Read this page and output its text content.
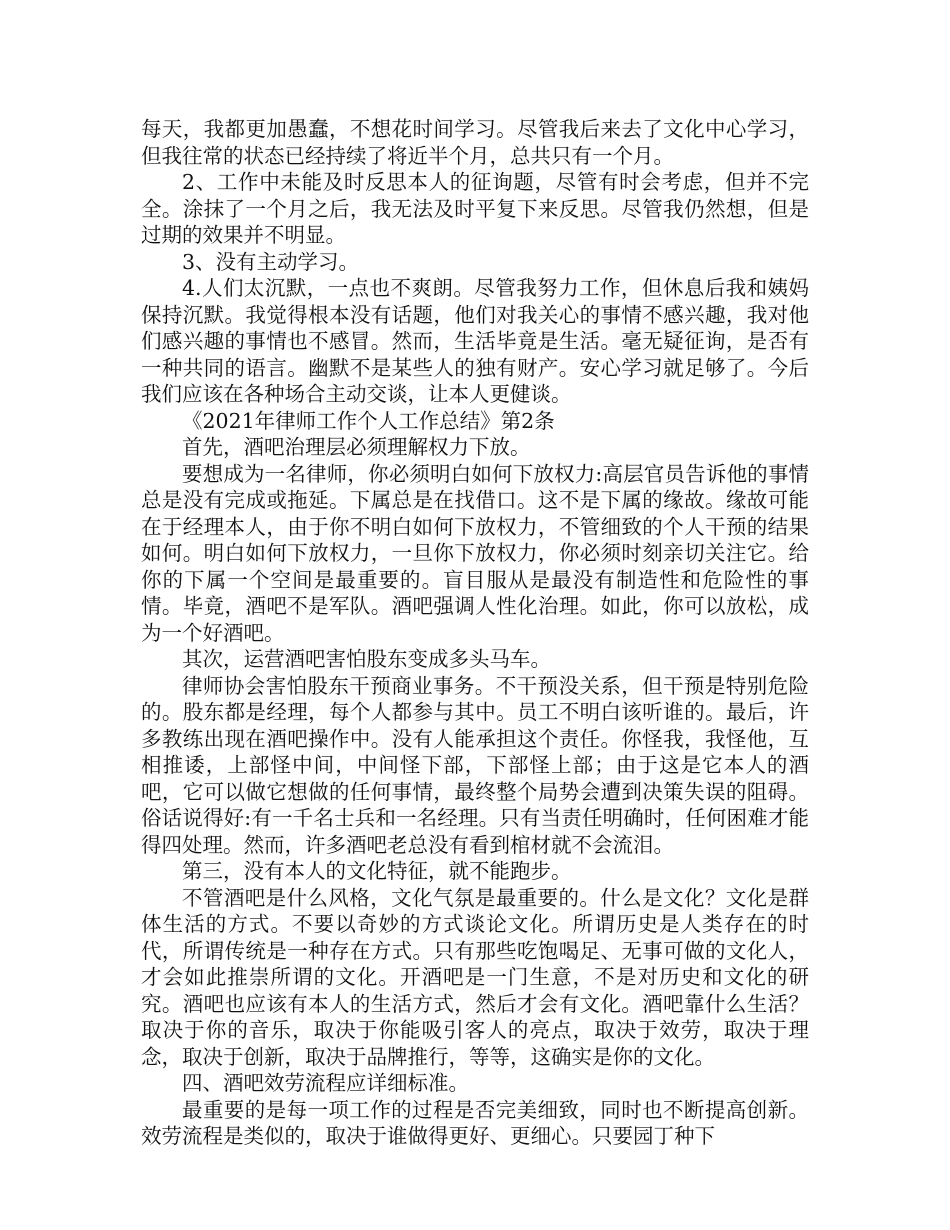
每天，我都更加愚蠢，不想花时间学习。尽管我后来去了文化中心学习，但我往常的状态已经持续了将近半个月，总共只有一个月。

2、工作中未能及时反思本人的征询题，尽管有时会考虑，但并不完全。涂抹了一个月之后，我无法及时平复下来反思。尽管我仍然想，但是过期的效果并不明显。

3、没有主动学习。

4.人们太沉默，一点也不爽朗。尽管我努力工作，但休息后我和姨妈保持沉默。我觉得根本没有话题，他们对我关心的事情不感兴趣，我对他们感兴趣的事情也不感冒。然而，生活毕竟是生活。毫无疑征询，是否有一种共同的语言。幽默不是某些人的独有财产。安心学习就足够了。今后我们应该在各种场合主动交谈，让本人更健谈。

《2021年律师工作个人工作总结》第2条

首先，酒吧治理层必须理解权力下放。

要想成为一名律师，你必须明白如何下放权力:高层官员告诉他的事情总是没有完成或拖延。下属总是在找借口。这不是下属的缘故。缘故可能在于经理本人，由于你不明白如何下放权力，不管细致的个人干预的结果如何。明白如何下放权力，一旦你下放权力，你必须时刻亲切关注它。给你的下属一个空间是最重要的。盲目服从是最没有制造性和危险性的事情。毕竟，酒吧不是军队。酒吧强调人性化治理。如此，你可以放松，成为一个好酒吧。

其次，运营酒吧害怕股东变成多头马车。

律师协会害怕股东干预商业事务。不干预没关系，但干预是特别危险的。股东都是经理，每个人都参与其中。员工不明白该听谁的。最后，许多教练出现在酒吧操作中。没有人能承担这个责任。你怪我，我怪他，互相推诿，上部怪中间，中间怪下部，下部怪上部；由于这是它本人的酒吧，它可以做它想做的任何事情，最终整个局势会遭到决策失误的阻碍。俗话说得好:有一千名士兵和一名经理。只有当责任明确时，任何困难才能得四处理。然而，许多酒吧老总没有看到棺材就不会流泪。

第三，没有本人的文化特征，就不能跑步。

不管酒吧是什么风格，文化气氛是最重要的。什么是文化？文化是群体生活的方式。不要以奇妙的方式谈论文化。所谓历史是人类存在的时代，所谓传统是一种存在方式。只有那些吃饱喝足、无事可做的文化人，才会如此推崇所谓的文化。开酒吧是一门生意，不是对历史和文化的研究。酒吧也应该有本人的生活方式，然后才会有文化。酒吧靠什么生活？取决于你的音乐，取决于你能吸引客人的亮点，取决于效劳，取决于理念，取决于创新，取决于品牌推行，等等，这确实是你的文化。

四、酒吧效劳流程应详细标准。

最重要的是每一项工作的过程是否完美细致，同时也不断提高创新。效劳流程是类似的，取决于谁做得更好、更细心。只要园丁种下
